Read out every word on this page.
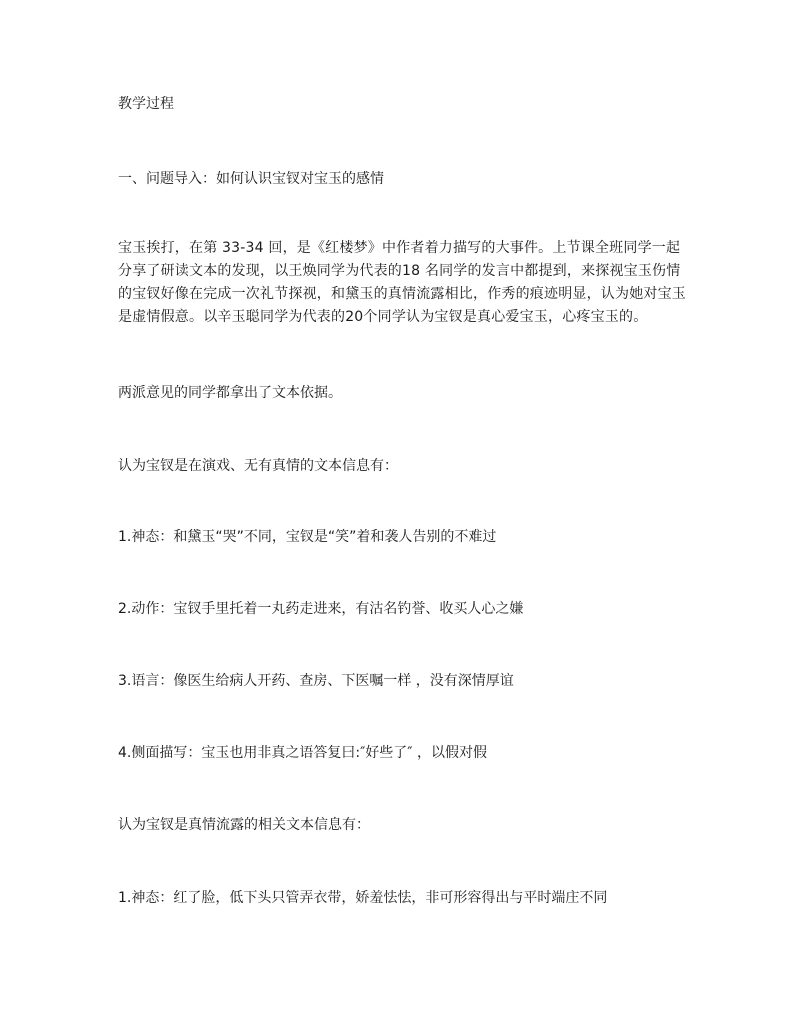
教学过程
一、问题导入：如何认识宝钗对宝玉的感情
宝玉挨打，在第 33-34 回，是《红楼梦》中作者着力描写的大事件。上节课全班同学一起分享了研读文本的发现，以王焕同学为代表的18 名同学的发言中都提到，来探视宝玉伤情的宝钗好像在完成一次礼节探视，和黛玉的真情流露相比，作秀的痕迹明显，认为她对宝玉是虚情假意。以辛玉聪同学为代表的20个同学认为宝钗是真心爱宝玉，心疼宝玉的。
两派意见的同学都拿出了文本依据。
认为宝钗是在演戏、无有真情的文本信息有：
1.神态：和黛玉“哭”不同，宝钗是“笑”着和袭人告别的不难过
2.动作：宝钗手里托着一丸药走进来，有沽名钓誉、收买人心之嫌
3.语言：像医生给病人开药、查房、下医嘱一样 ，没有深情厚谊
4.侧面描写：宝玉也用非真之语答复曰:″好些了″ ，以假对假
认为宝钗是真情流露的相关文本信息有：
1.神态：红了脸，低下头只管弄衣带，娇羞怯怯，非可形容得出与平时端庄不同
